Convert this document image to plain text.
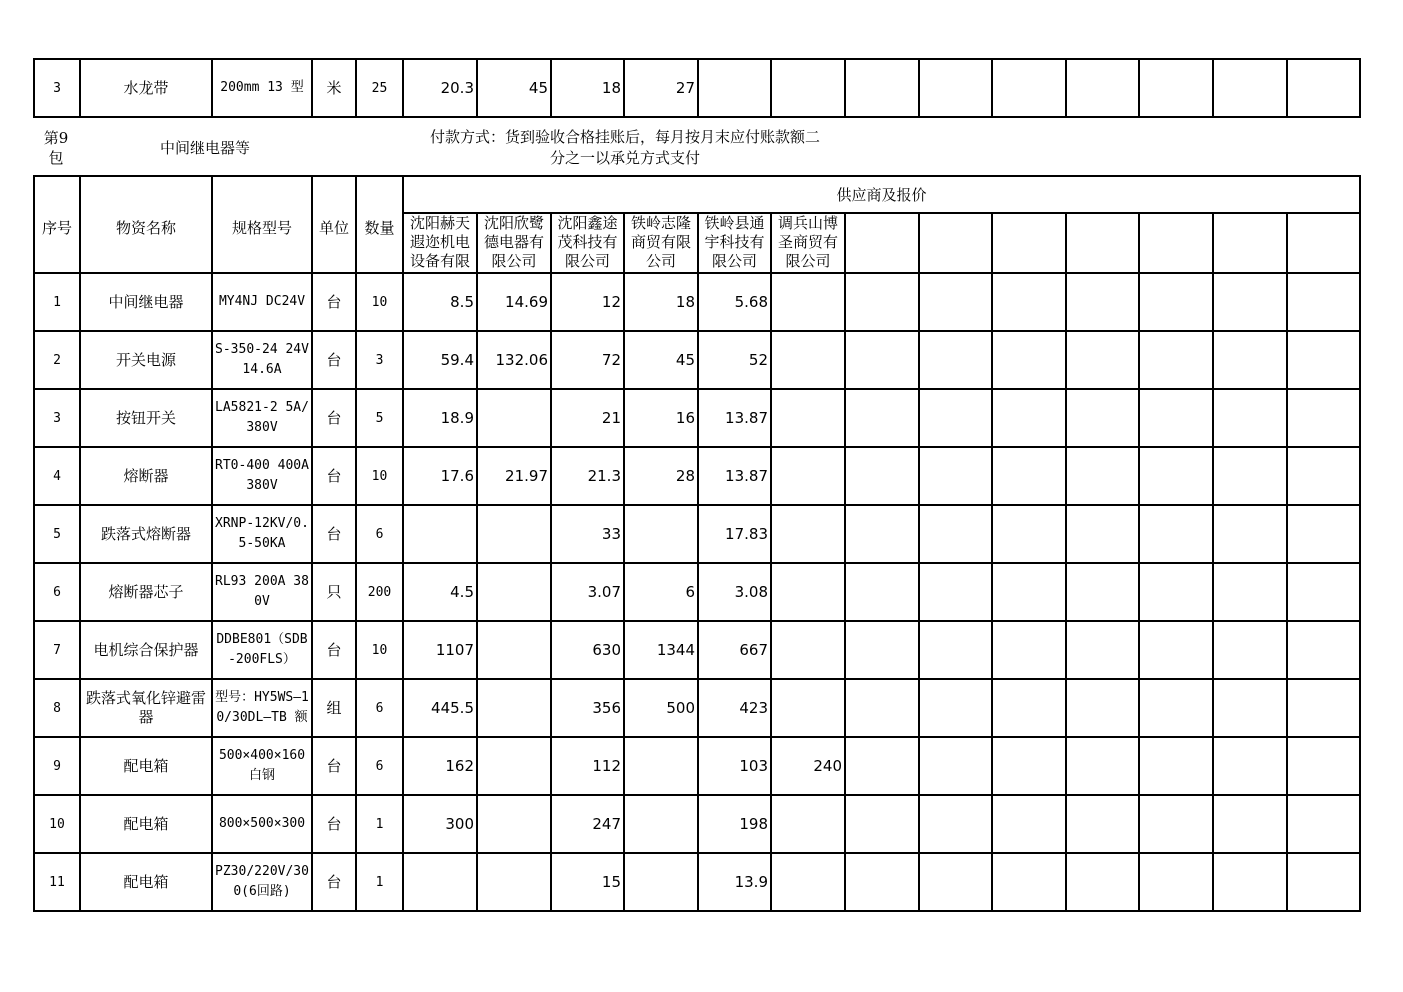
3	水龙带	200mm 13 型	米	25	20.3	45	18	27									
第9
包
中间继电器等
付款方式：货到验收合格挂账后，每月按月末应付账款额二
分之一以承兑方式支付
序号	物资名称	规格型号	单位	数量	供应商及报价												

					沈阳赫天遐迩机电设备有限	沈阳欣鹭德电器有限公司	沈阳鑫途茂科技有限公司	铁岭志隆商贸有限公司	铁岭县通宇科技有限公司	调兵山博圣商贸有限公司							

1	中间继电器	MY4NJ DC24V	台	10	8.5	14.69	12	18	5.68								
2	开关电源	S-350-24 24V 14.6A	台	3	59.4	132.06	72	45	52								
3	按钮开关	LA5821-2 5A/380V	台	5	18.9		21	16	13.87								
4	熔断器	RT0-400 400A 380V	台	10	17.6	21.97	21.3	28	13.87								
5	跌落式熔断器	XRNP-12KV/0.5-50KA	台	6			33		17.83								
6	熔断器芯子	RL93 200A 380V	只	200	4.5		3.07	6	3.08								
7	电机综合保护器	DDBE801（SDB-200FLS）	台	10	1107		630	1344	667								
8	跌落式氧化锌避雷器	型号：HY5WS—10/30DL—TB 额	组	6	445.5		356	500	423								
9	配电箱	500×400×160 白钢	台	6	162		112		103	240							
10	配电箱	800×500×300	台	1	300		247		198								
11	配电箱	PZ30/220V/300(6回路)	台	1			15		13.9								
